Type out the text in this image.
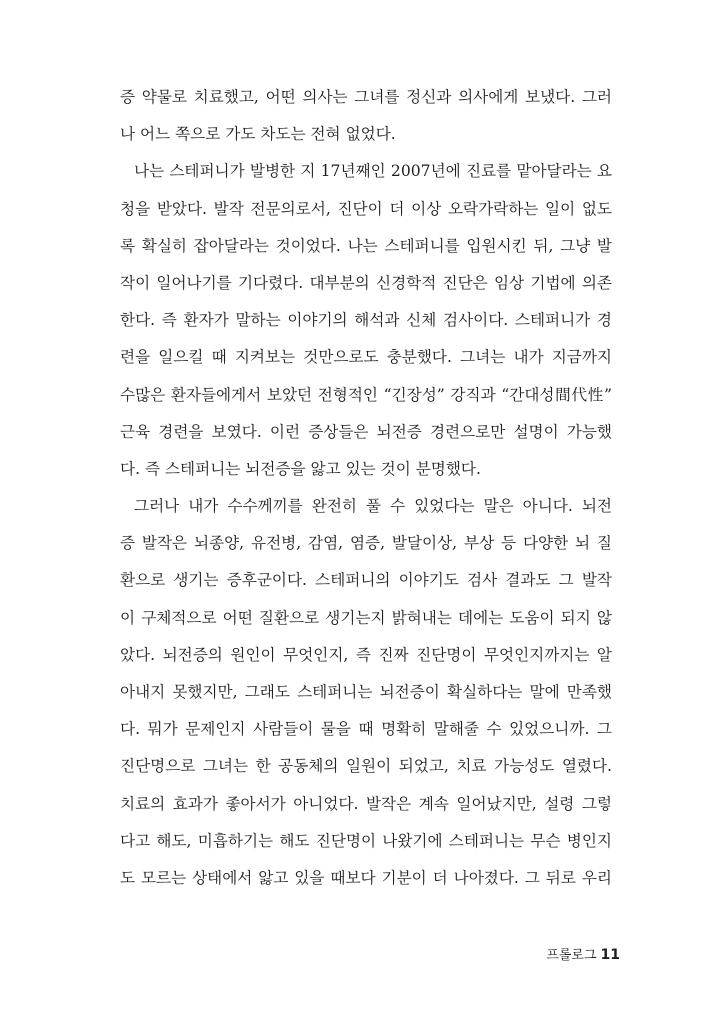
증 약물로 치료했고, 어떤 의사는 그녀를 정신과 의사에게 보냈다. 그러
나 어느 쪽으로 가도 차도는 전혀 없었다.
나는 스테퍼니가 발병한 지 17년째인 2007년에 진료를 맡아달라는 요
청을 받았다. 발작 전문의로서, 진단이 더 이상 오락가락하는 일이 없도
록 확실히 잡아달라는 것이었다. 나는 스테퍼니를 입원시킨 뒤, 그냥 발
작이 일어나기를 기다렸다. 대부분의 신경학적 진단은 임상 기법에 의존
한다. 즉 환자가 말하는 이야기의 해석과 신체 검사이다. 스테퍼니가 경
련을 일으킬 때 지켜보는 것만으로도 충분했다. 그녀는 내가 지금까지
수많은 환자들에게서 보았던 전형적인 “긴장성” 강직과 “간대성間代性”
근육 경련을 보였다. 이런 증상들은 뇌전증 경련으로만 설명이 가능했
다. 즉 스테퍼니는 뇌전증을 앓고 있는 것이 분명했다.
그러나 내가 수수께끼를 완전히 풀 수 있었다는 말은 아니다. 뇌전
증 발작은 뇌종양, 유전병, 감염, 염증, 발달이상, 부상 등 다양한 뇌 질
환으로 생기는 증후군이다. 스테퍼니의 이야기도 검사 결과도 그 발작
이 구체적으로 어떤 질환으로 생기는지 밝혀내는 데에는 도움이 되지 않
았다. 뇌전증의 원인이 무엇인지, 즉 진짜 진단명이 무엇인지까지는 알
아내지 못했지만, 그래도 스테퍼니는 뇌전증이 확실하다는 말에 만족했
다. 뭐가 문제인지 사람들이 물을 때 명확히 말해줄 수 있었으니까. 그
진단명으로 그녀는 한 공동체의 일원이 되었고, 치료 가능성도 열렸다.
치료의 효과가 좋아서가 아니었다. 발작은 계속 일어났지만, 설령 그렇
다고 해도, 미흡하기는 해도 진단명이 나왔기에 스테퍼니는 무슨 병인지
도 모르는 상태에서 앓고 있을 때보다 기분이 더 나아졌다. 그 뒤로 우리
프롤로그 11
